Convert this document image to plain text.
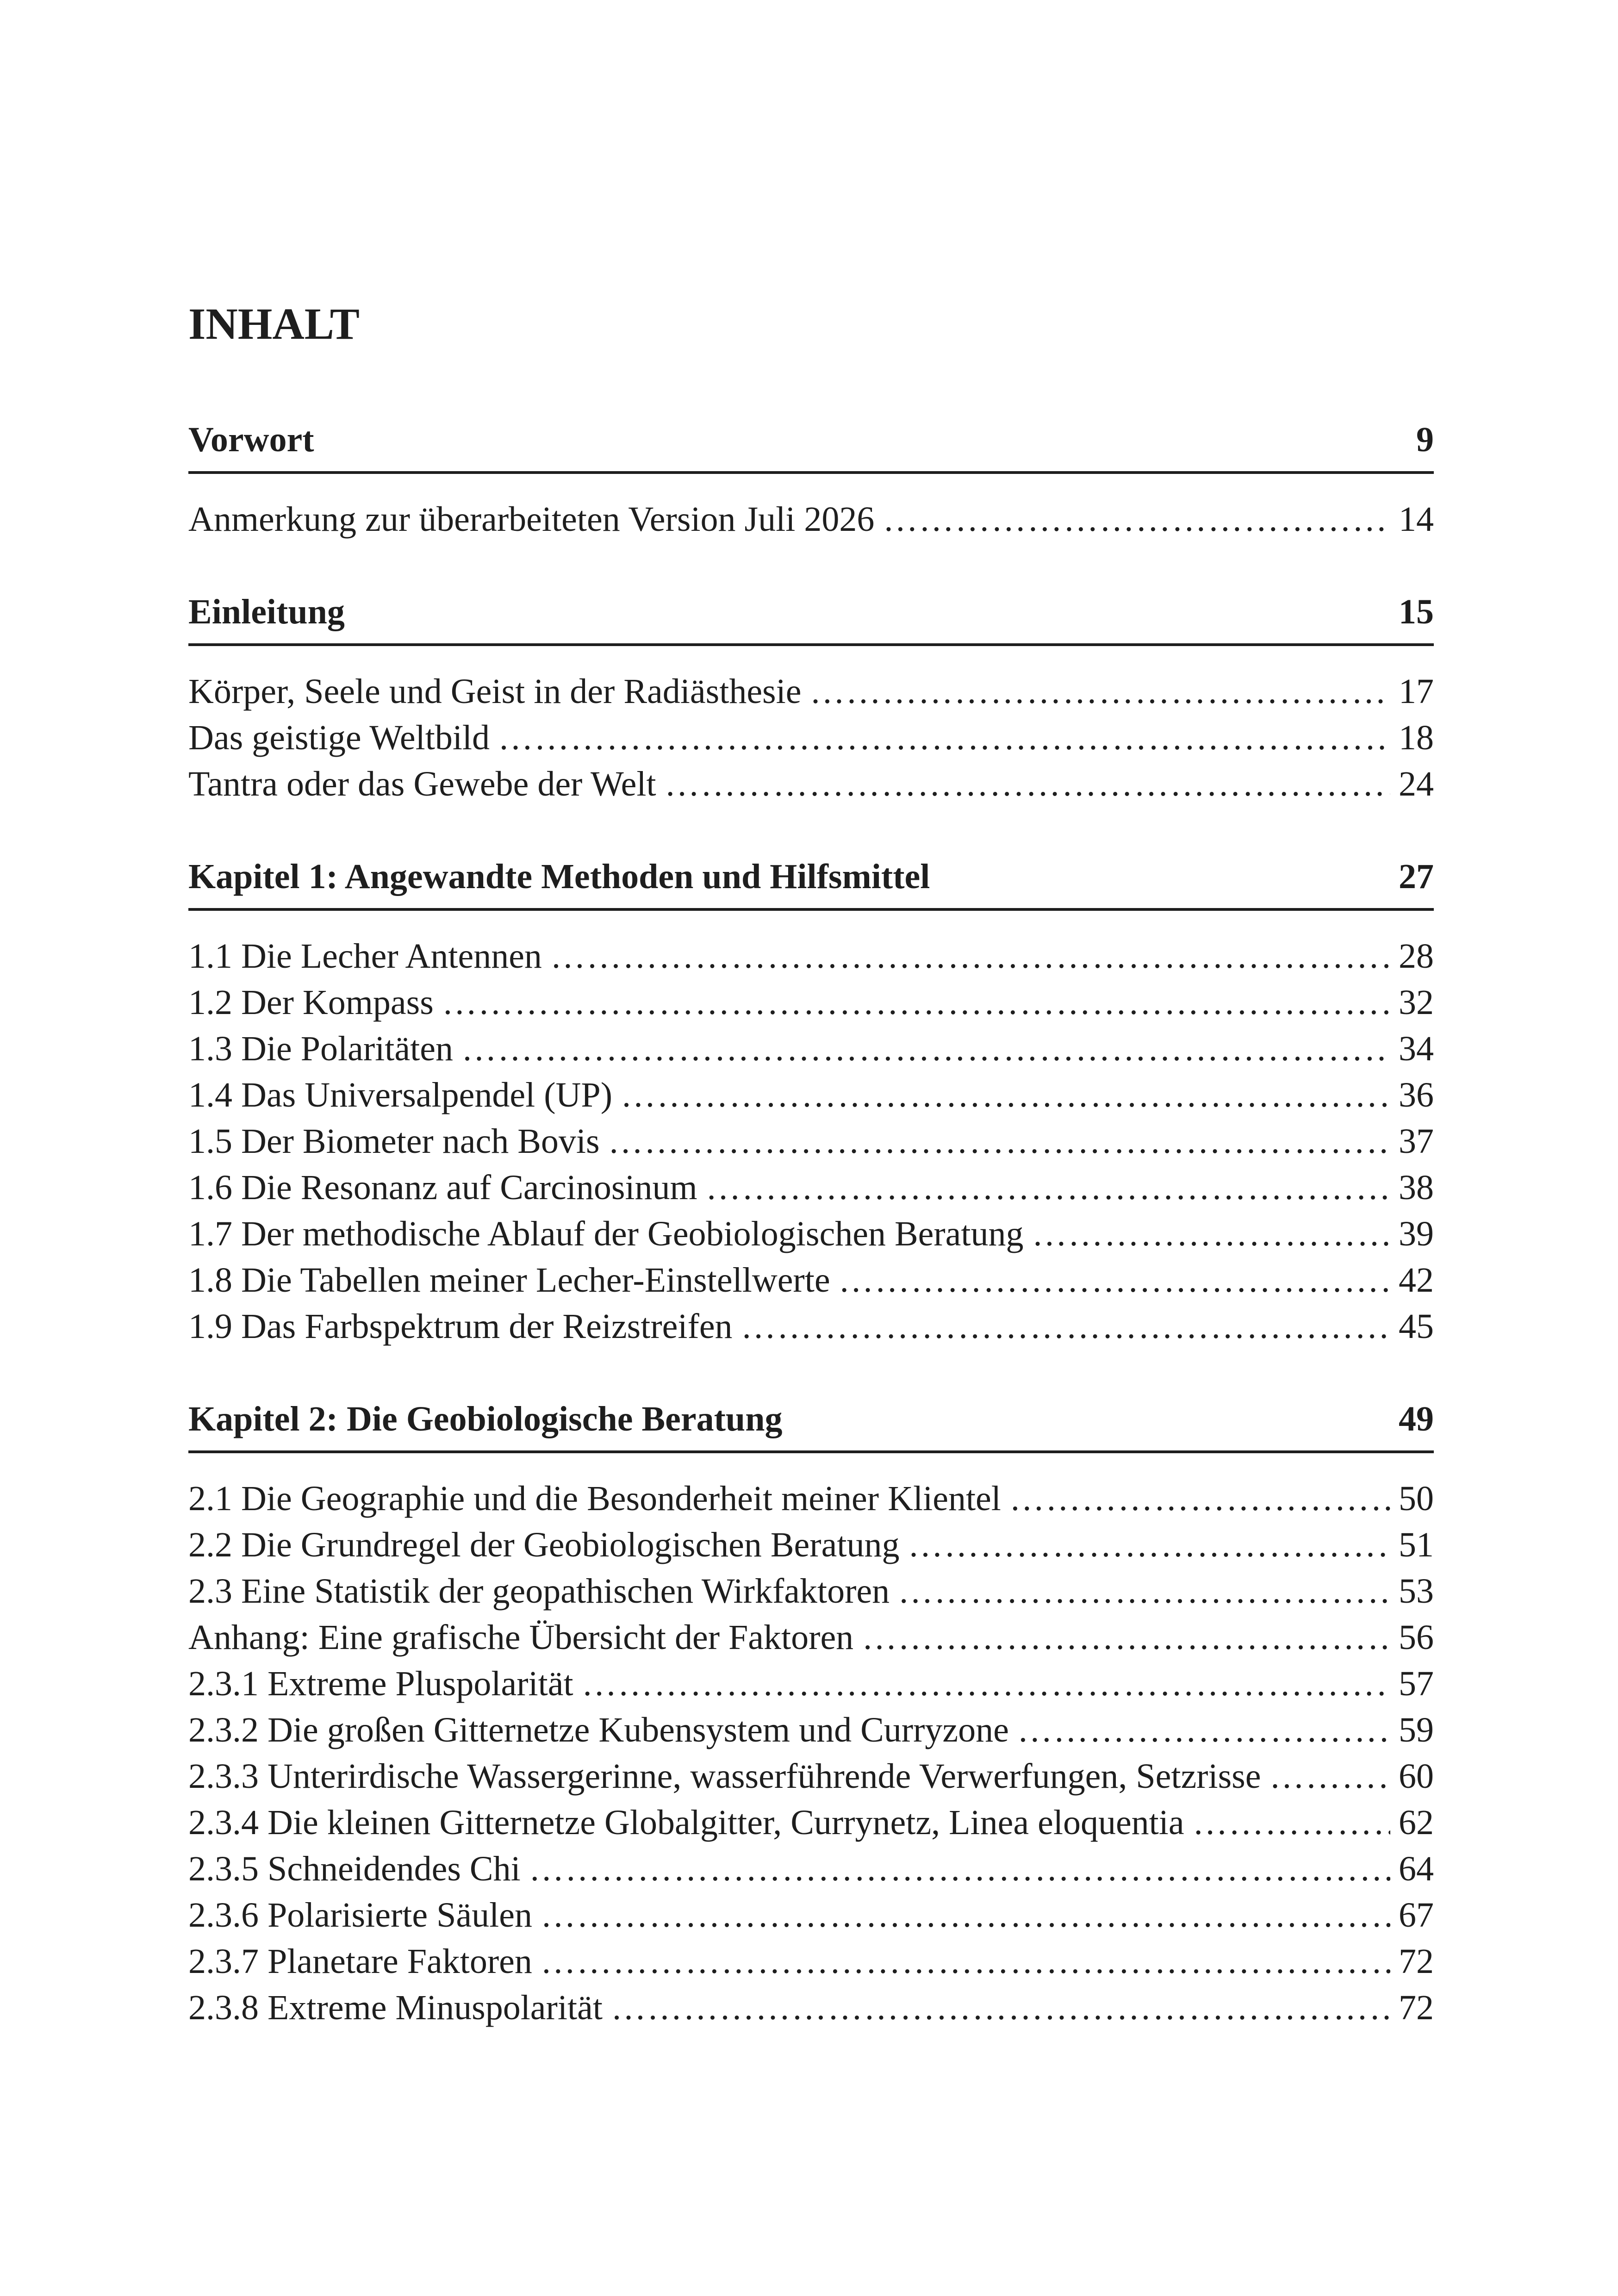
INHALT
Vorwort	9
Anmerkung zur überarbeiteten Version Juli 2026 ……………………………………………………………………………………………………………………………………………………………………………………	14
Einleitung	15
Körper, Seele und Geist in der Radiästhesie ……………………………………………………………………………………………………………………………………………………………………………………	17
Das geistige Weltbild ……………………………………………………………………………………………………………………………………………………………………………………	18
Tantra oder das Gewebe der Welt ……………………………………………………………………………………………………………………………………………………………………………………	24
Kapitel 1: Angewandte Methoden und Hilfsmittel	27
1.1 Die Lecher Antennen ……………………………………………………………………………………………………………………………………………………………………………………	28
1.2 Der Kompass ……………………………………………………………………………………………………………………………………………………………………………………	32
1.3 Die Polaritäten ……………………………………………………………………………………………………………………………………………………………………………………	34
1.4 Das Universalpendel (UP) ……………………………………………………………………………………………………………………………………………………………………………………	36
1.5 Der Biometer nach Bovis ……………………………………………………………………………………………………………………………………………………………………………………	37
1.6 Die Resonanz auf Carcinosinum ……………………………………………………………………………………………………………………………………………………………………………………	38
1.7 Der methodische Ablauf der Geobiologischen Beratung ……………………………………………………………………………………………………………………………………………………………………………………	39
1.8 Die Tabellen meiner Lecher-Einstellwerte ……………………………………………………………………………………………………………………………………………………………………………………	42
1.9 Das Farbspektrum der Reizstreifen ……………………………………………………………………………………………………………………………………………………………………………………	45
Kapitel 2: Die Geobiologische Beratung	49
2.1 Die Geographie und die Besonderheit meiner Klientel ……………………………………………………………………………………………………………………………………………………………………………………	50
2.2 Die Grundregel der Geobiologischen Beratung ……………………………………………………………………………………………………………………………………………………………………………………	51
2.3 Eine Statistik der geopathischen Wirkfaktoren ……………………………………………………………………………………………………………………………………………………………………………………	53
Anhang: Eine grafische Übersicht der Faktoren ……………………………………………………………………………………………………………………………………………………………………………………	56
2.3.1 Extreme Pluspolarität ……………………………………………………………………………………………………………………………………………………………………………………	57
2.3.2 Die großen Gitternetze Kubensystem und Curryzone ……………………………………………………………………………………………………………………………………………………………………………………	59
2.3.3 Unterirdische Wassergerinne, wasserführende Verwerfungen, Setzrisse ……………………………………………………………………………………………………………………………………………………………………………………	60
2.3.4 Die kleinen Gitternetze Globalgitter, Currynetz, Linea eloquentia ……………………………………………………………………………………………………………………………………………………………………………………	62
2.3.5 Schneidendes Chi ……………………………………………………………………………………………………………………………………………………………………………………	64
2.3.6 Polarisierte Säulen ……………………………………………………………………………………………………………………………………………………………………………………	67
2.3.7 Planetare Faktoren ……………………………………………………………………………………………………………………………………………………………………………………	72
2.3.8 Extreme Minuspolarität ……………………………………………………………………………………………………………………………………………………………………………………	72
